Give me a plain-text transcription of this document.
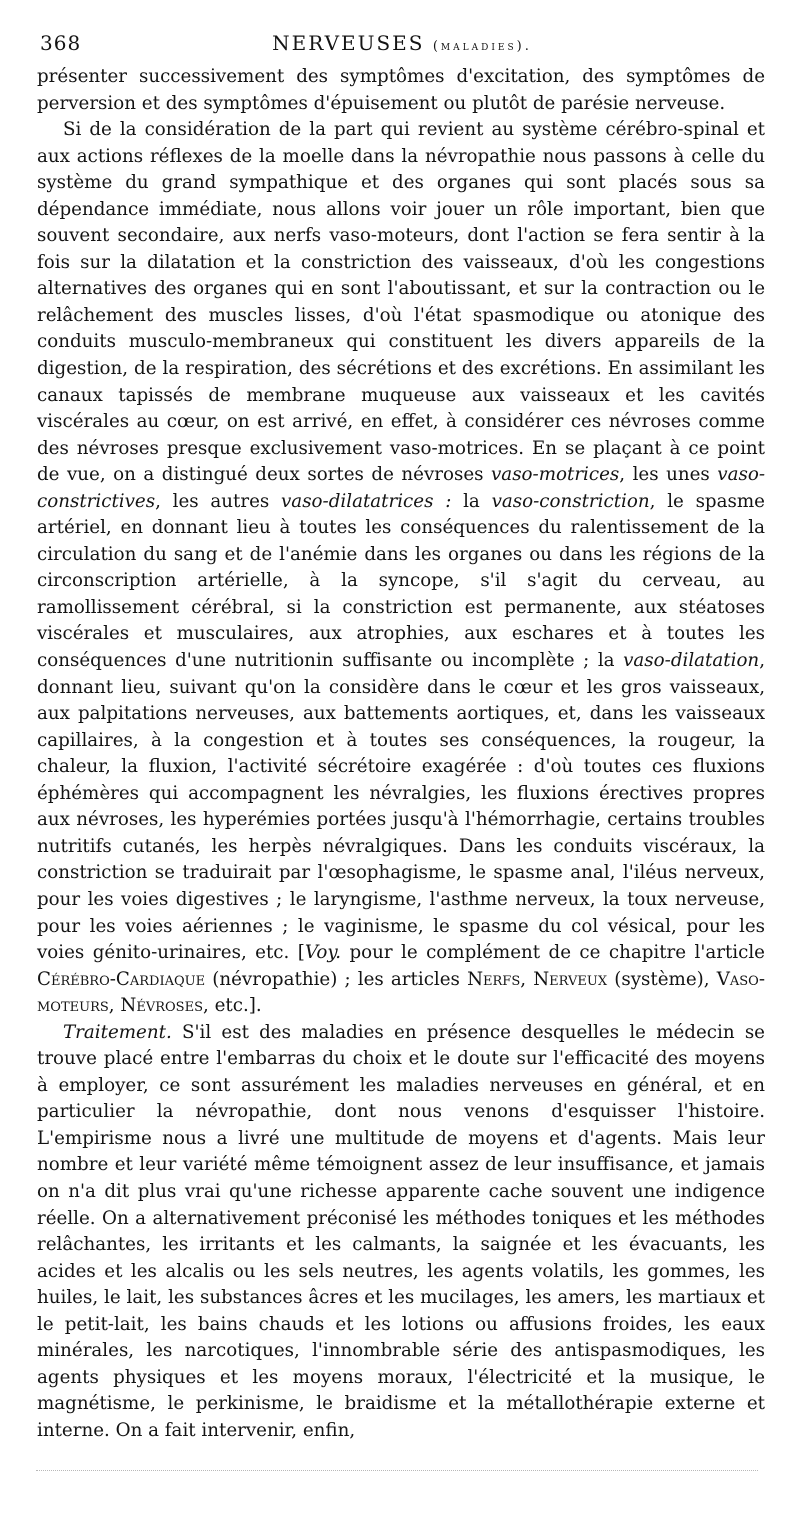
368	NERVEUSES (maladies).

présenter successivement des symptômes d'excitation, des symptômes de perversion et des symptômes d'épuisement ou plutôt de parésie nerveuse.

Si de la considération de la part qui revient au système cérébro-spinal et aux actions réflexes de la moelle dans la névropathie nous passons à celle du système du grand sympathique et des organes qui sont placés sous sa dépendance immédiate, nous allons voir jouer un rôle important, bien que souvent secondaire, aux nerfs vaso-moteurs, dont l'action se fera sentir à la fois sur la dilatation et la constriction des vaisseaux, d'où les congestions alternatives des organes qui en sont l'aboutissant, et sur la contraction ou le relâchement des muscles lisses, d'où l'état spasmodique ou atonique des conduits musculo-membraneux qui constituent les divers appareils de la digestion, de la respiration, des sécrétions et des excrétions. En assimilant les canaux tapissés de membrane muqueuse aux vaisseaux et les cavités viscérales au cœur, on est arrivé, en effet, à considérer ces névroses comme des névroses presque exclusivement vaso-motrices. En se plaçant à ce point de vue, on a distingué deux sortes de névroses vaso-motrices, les unes vaso-constrictives, les autres vaso-dilatatrices : la vaso-constriction, le spasme artériel, en donnant lieu à toutes les conséquences du ralentissement de la circulation du sang et de l'anémie dans les organes ou dans les régions de la circonscription artérielle, à la syncope, s'il s'agit du cerveau, au ramollissement cérébral, si la constriction est permanente, aux stéatoses viscérales et musculaires, aux atrophies, aux eschares et à toutes les conséquences d'une nutritionin suffisante ou incomplète ; la vaso-dilatation, donnant lieu, suivant qu'on la considère dans le cœur et les gros vaisseaux, aux palpitations nerveuses, aux battements aortiques, et, dans les vaisseaux capillaires, à la congestion et à toutes ses conséquences, la rougeur, la chaleur, la fluxion, l'activité sécrétoire exagérée : d'où toutes ces fluxions éphémères qui accompagnent les névralgies, les fluxions érectives propres aux névroses, les hyperémies portées jusqu'à l'hémorrhagie, certains troubles nutritifs cutanés, les herpès névralgiques. Dans les conduits viscéraux, la constriction se traduirait par l'œsophagisme, le spasme anal, l'iléus nerveux, pour les voies digestives ; le laryngisme, l'asthme nerveux, la toux nerveuse, pour les voies aériennes ; le vaginisme, le spasme du col vésical, pour les voies génito-urinaires, etc. [Voy. pour le complément de ce chapitre l'article Cérébro-Cardiaque (névropathie) ; les articles Nerfs, Nerveux (système), Vaso-moteurs, Névroses, etc.].

Traitement. S'il est des maladies en présence desquelles le médecin se trouve placé entre l'embarras du choix et le doute sur l'efficacité des moyens à employer, ce sont assurément les maladies nerveuses en général, et en particulier la névropathie, dont nous venons d'esquisser l'histoire. L'empirisme nous a livré une multitude de moyens et d'agents. Mais leur nombre et leur variété même témoignent assez de leur insuffisance, et jamais on n'a dit plus vrai qu'une richesse apparente cache souvent une indigence réelle. On a alternativement préconisé les méthodes toniques et les méthodes relâchantes, les irritants et les calmants, la saignée et les évacuants, les acides et les alcalis ou les sels neutres, les agents volatils, les gommes, les huiles, le lait, les substances âcres et les mucilages, les amers, les martiaux et le petit-lait, les bains chauds et les lotions ou affusions froides, les eaux minérales, les narcotiques, l'innombrable série des antispasmodiques, les agents physiques et les moyens moraux, l'électricité et la musique, le magnétisme, le perkinisme, le braidisme et la métallothérapie externe et interne. On a fait intervenir, enfin,
